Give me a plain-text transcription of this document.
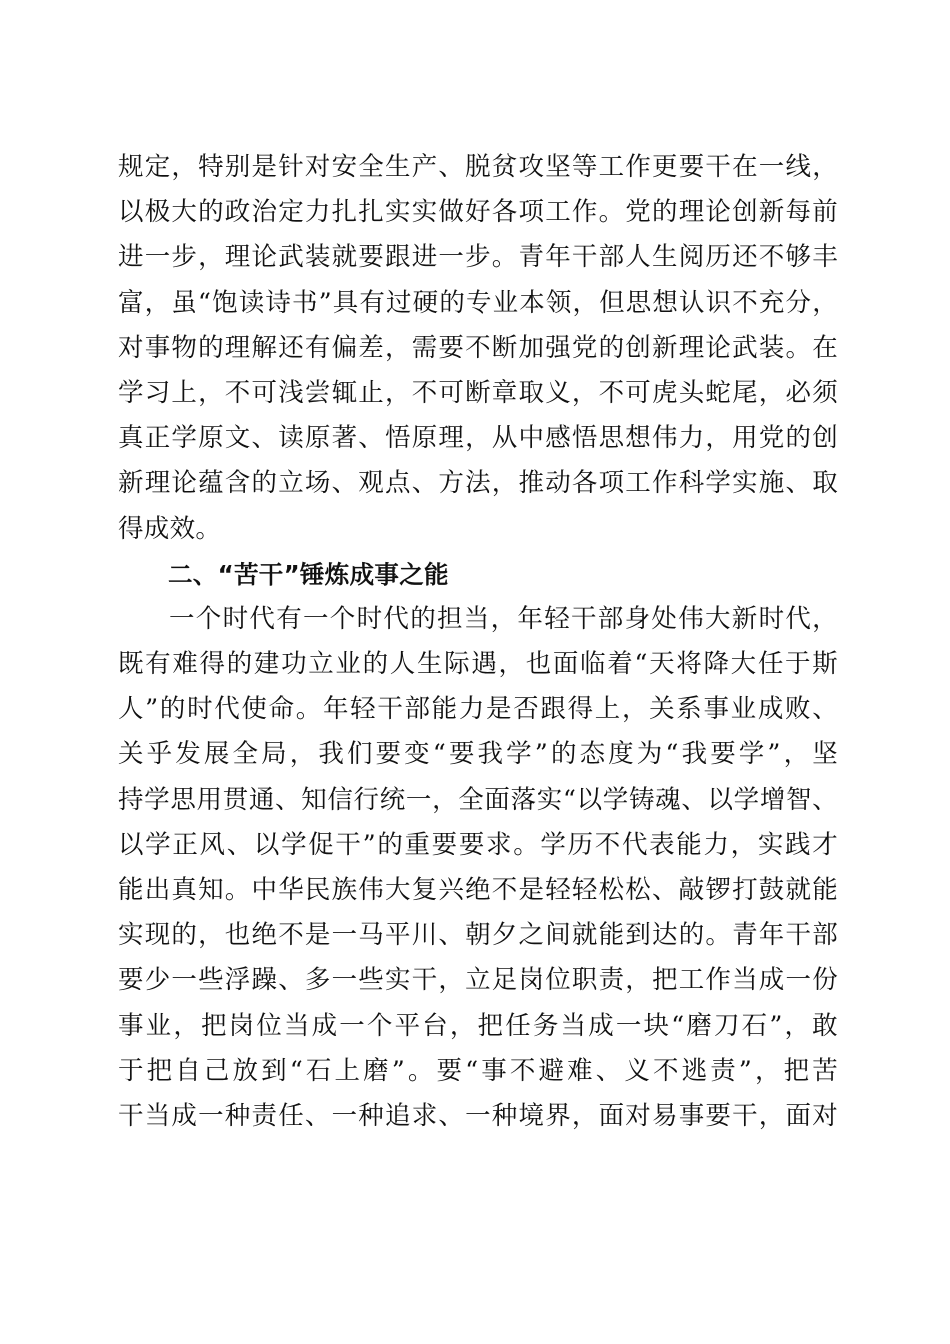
规定，特别是针对安全生产、脱贫攻坚等工作更要干在一线，
以极大的政治定力扎扎实实做好各项工作。党的理论创新每前
进一步，理论武装就要跟进一步。青年干部人生阅历还不够丰
富，虽“饱读诗书”具有过硬的专业本领，但思想认识不充分，
对事物的理解还有偏差，需要不断加强党的创新理论武装。在
学习上，不可浅尝辄止，不可断章取义，不可虎头蛇尾，必须
真正学原文、读原著、悟原理，从中感悟思想伟力，用党的创
新理论蕴含的立场、观点、方法，推动各项工作科学实施、取
得成效。
二、“苦干”锤炼成事之能
一个时代有一个时代的担当，年轻干部身处伟大新时代，
既有难得的建功立业的人生际遇，也面临着“天将降大任于斯
人”的时代使命。年轻干部能力是否跟得上，关系事业成败、
关乎发展全局，我们要变“要我学”的态度为“我要学”，坚
持学思用贯通、知信行统一，全面落实“以学铸魂、以学增智、
以学正风、以学促干”的重要要求。学历不代表能力，实践才
能出真知。中华民族伟大复兴绝不是轻轻松松、敲锣打鼓就能
实现的，也绝不是一马平川、朝夕之间就能到达的。青年干部
要少一些浮躁、多一些实干，立足岗位职责，把工作当成一份
事业，把岗位当成一个平台，把任务当成一块“磨刀石”，敢
于把自己放到“石上磨”。要“事不避难、义不逃责”，把苦
干当成一种责任、一种追求、一种境界，面对易事要干，面对
